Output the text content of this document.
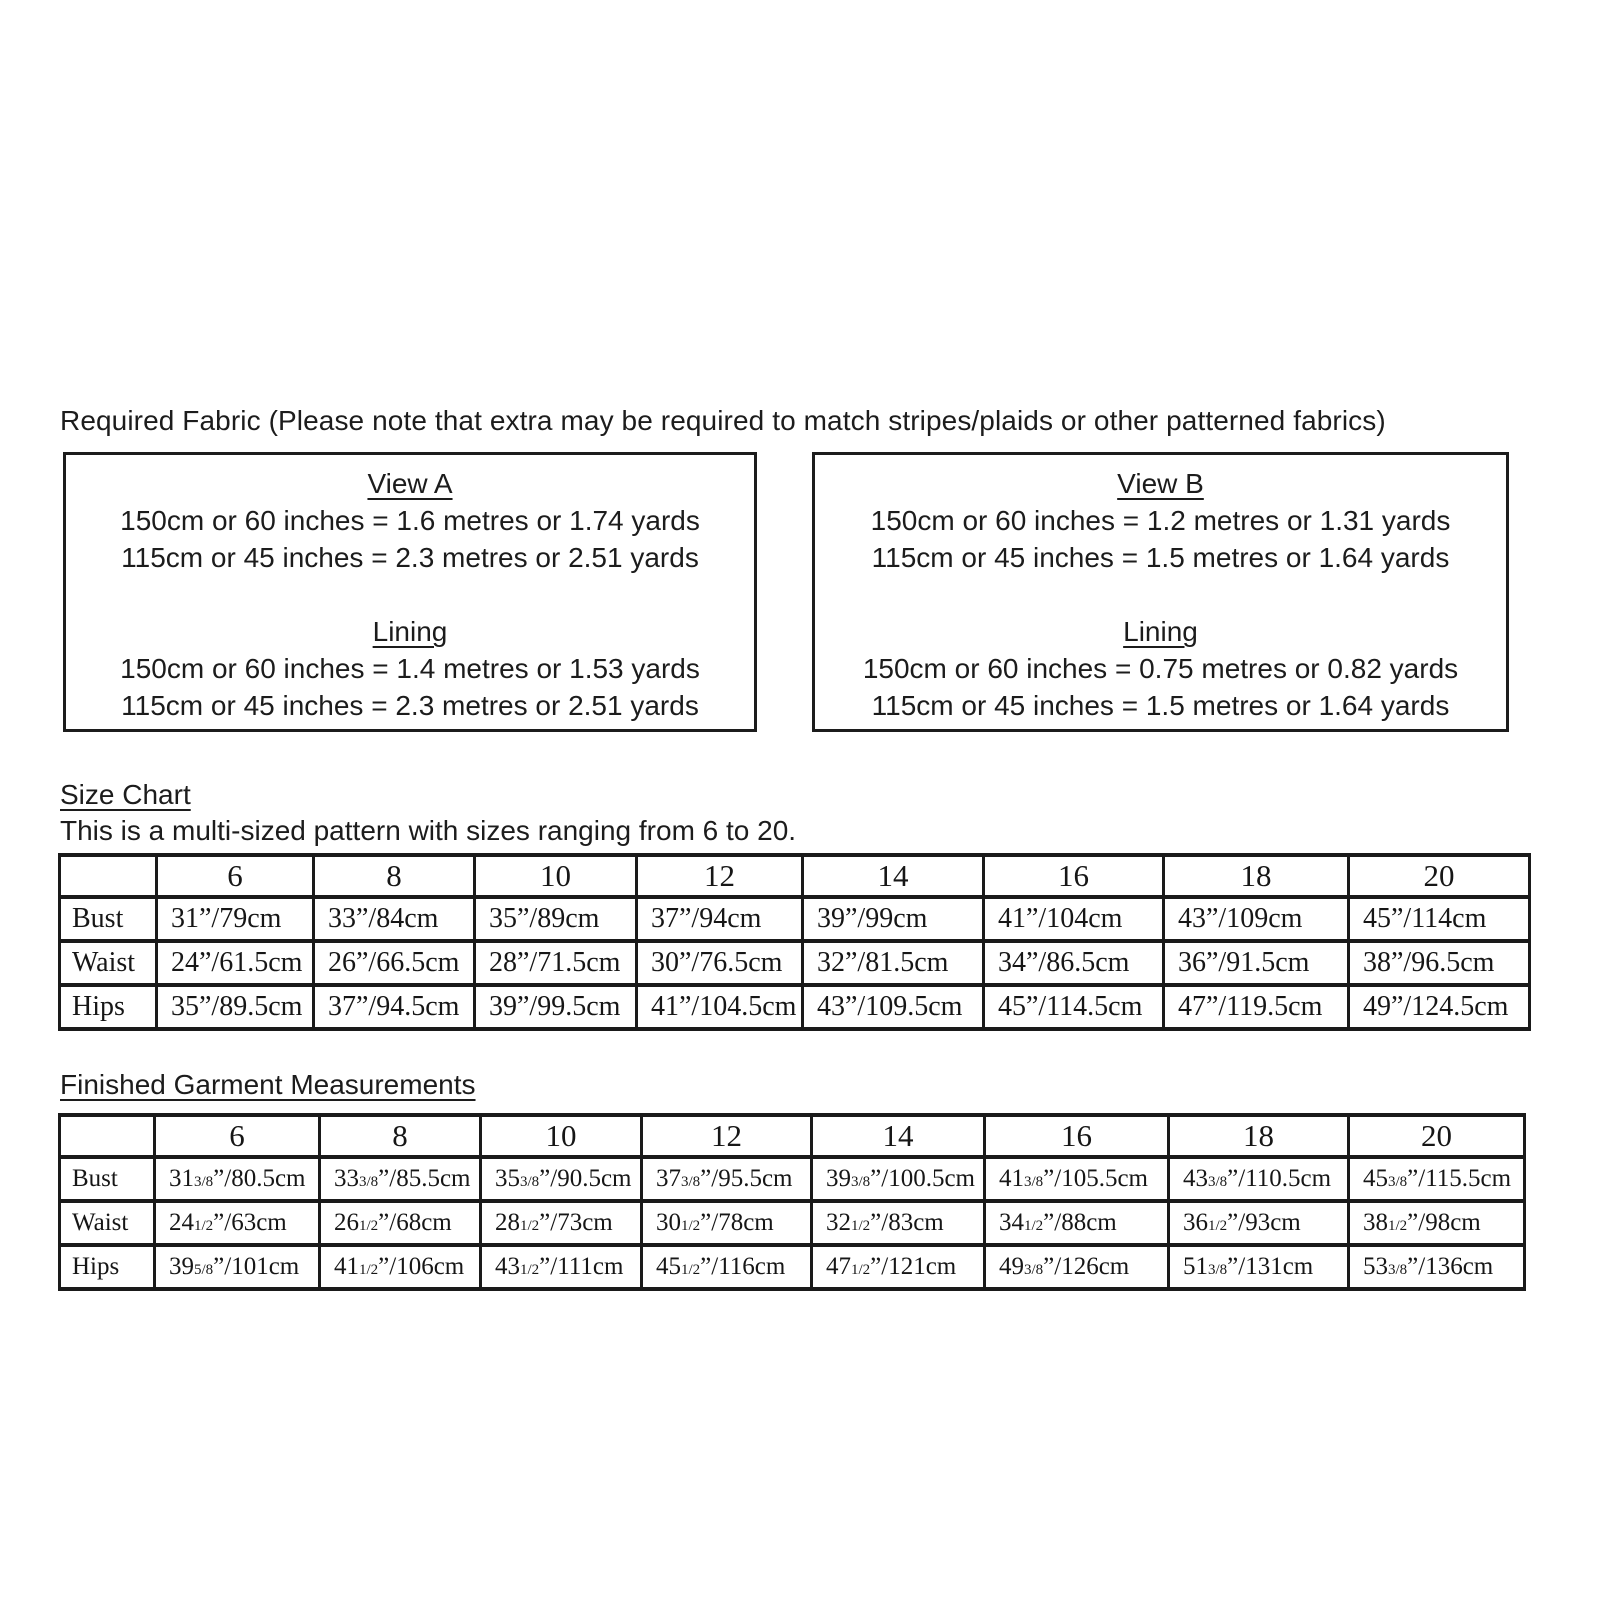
Required Fabric (Please note that extra may be required to match stripes/plaids or other patterned fabrics)
View A
150cm or 60 inches = 1.6 metres or 1.74 yards
115cm or 45 inches = 2.3 metres or 2.51 yards
Lining
150cm or 60 inches = 1.4 metres or 1.53 yards
115cm or 45 inches = 2.3 metres or 2.51 yards
View B
150cm or 60 inches = 1.2 metres or 1.31 yards
115cm or 45 inches = 1.5 metres or 1.64 yards
Lining
150cm or 60 inches = 0.75 metres or 0.82 yards
115cm or 45 inches = 1.5 metres or 1.64 yards
Size Chart
This is a multi-sized pattern with sizes ranging from 6 to 20.
	6	8	10	12	14	16	18	20
Bust	31”/79cm	33”/84cm	35”/89cm	37”/94cm	39”/99cm	41”/104cm	43”/109cm	45”/114cm
Waist	24”/61.5cm	26”/66.5cm	28”/71.5cm	30”/76.5cm	32”/81.5cm	34”/86.5cm	36”/91.5cm	38”/96.5cm
Hips	35”/89.5cm	37”/94.5cm	39”/99.5cm	41”/104.5cm	43”/109.5cm	45”/114.5cm	47”/119.5cm	49”/124.5cm
Finished Garment Measurements
	6	8	10	12	14	16	18	20
Bust	313/8”/80.5cm	333/8”/85.5cm	353/8”/90.5cm	373/8”/95.5cm	393/8”/100.5cm	413/8”/105.5cm	433/8”/110.5cm	453/8”/115.5cm
Waist	241/2”/63cm	261/2”/68cm	281/2”/73cm	301/2”/78cm	321/2”/83cm	341/2”/88cm	361/2”/93cm	381/2”/98cm
Hips	395/8”/101cm	411/2”/106cm	431/2”/111cm	451/2”/116cm	471/2”/121cm	493/8”/126cm	513/8”/131cm	533/8”/136cm
